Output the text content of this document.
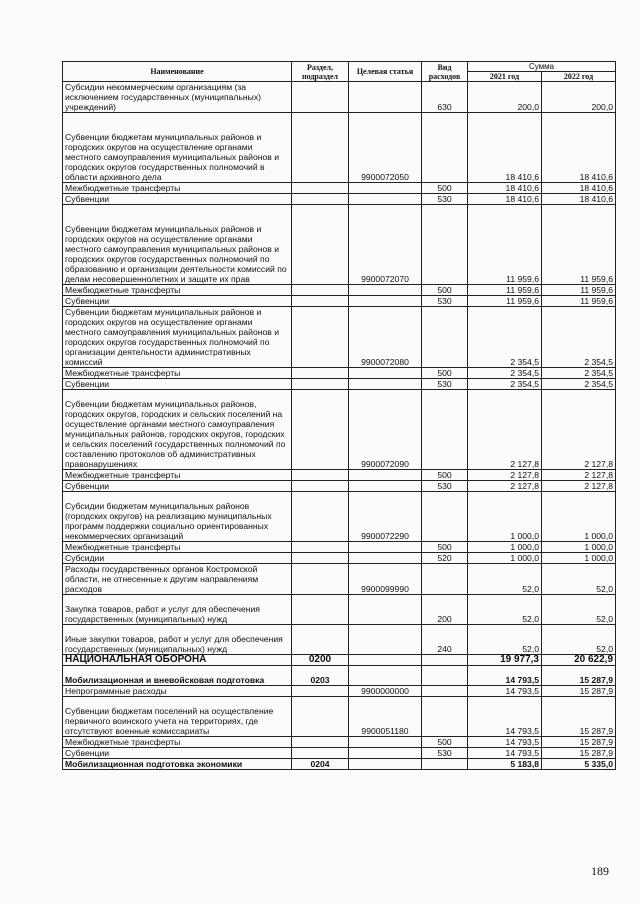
Наименование	Раздел, подраздел	Целевая статья	Вид расходов	Сумма	
				2021 год	2022 год
Субсидии некоммерческим организациям (за исключением государственных (муниципальных) учреждений)			630	200,0	200,0
Субвенции бюджетам муниципальных районов и городских округов на осуществление органами местного самоуправления муниципальных районов и городских округов государственных полномочий в области архивного дела		9900072050		18 410,6	18 410,6
Межбюджетные трансферты			500	18 410,6	18 410,6
Субвенции			530	18 410,6	18 410,6
Субвенции бюджетам муниципальных районов и городских округов на осуществление органами местного самоуправления муниципальных районов и городских округов государственных полномочий по образованию и организации деятельности комиссий по делам несовершеннолетних и защите их прав		9900072070		11 959,6	11 959,6
Межбюджетные трансферты			500	11 959,6	11 959,6
Субвенции			530	11 959,6	11 959,6
Субвенции бюджетам муниципальных районов и городских округов на осуществление органами местного самоуправления муниципальных районов и городских округов государственных полномочий по организации деятельности административных комиссий		9900072080		2 354,5	2 354,5
Межбюджетные трансферты			500	2 354,5	2 354,5
Субвенции			530	2 354,5	2 354,5
Субвенции бюджетам муниципальных районов, городских округов, городских и сельских поселений на осуществление органами местного самоуправления муниципальных районов, городских округов, городских и сельских поселений государственных полномочий по составлению протоколов об административных правонарушениях		9900072090		2 127,8	2 127,8
Межбюджетные трансферты			500	2 127,8	2 127,8
Субвенции			530	2 127,8	2 127,8
Субсидии бюджетам муниципальных районов (городских округов) на реализацию муниципальных программ поддержки социально ориентированных некоммерческих организаций		9900072290		1 000,0	1 000,0
Межбюджетные трансферты			500	1 000,0	1 000,0
Субсидии			520	1 000,0	1 000,0
Расходы государственных органов Костромской области, не отнесенные к другим направлениям расходов		9900099990		52,0	52,0
Закупка товаров, работ и услуг для обеспечения государственных (муниципальных) нужд			200	52,0	52,0
Иные закупки товаров, работ и услуг для обеспечения государственных (муниципальных) нужд			240	52,0	52,0
НАЦИОНАЛЬНАЯ ОБОРОНА	0200			19 977,3	20 622,9
Мобилизационная и вневойсковая подготовка	0203			14 793,5	15 287,9
Непрограммные расходы		9900000000		14 793,5	15 287,9
Субвенции бюджетам поселений на осуществление первичного воинского учета на территориях, где отсутствуют военные комиссариаты		9900051180		14 793,5	15 287,9
Межбюджетные трансферты			500	14 793,5	15 287,9
Субвенции			530	14 793,5	15 287,9
Мобилизационная подготовка экономики	0204			5 183,8	5 335,0
189
